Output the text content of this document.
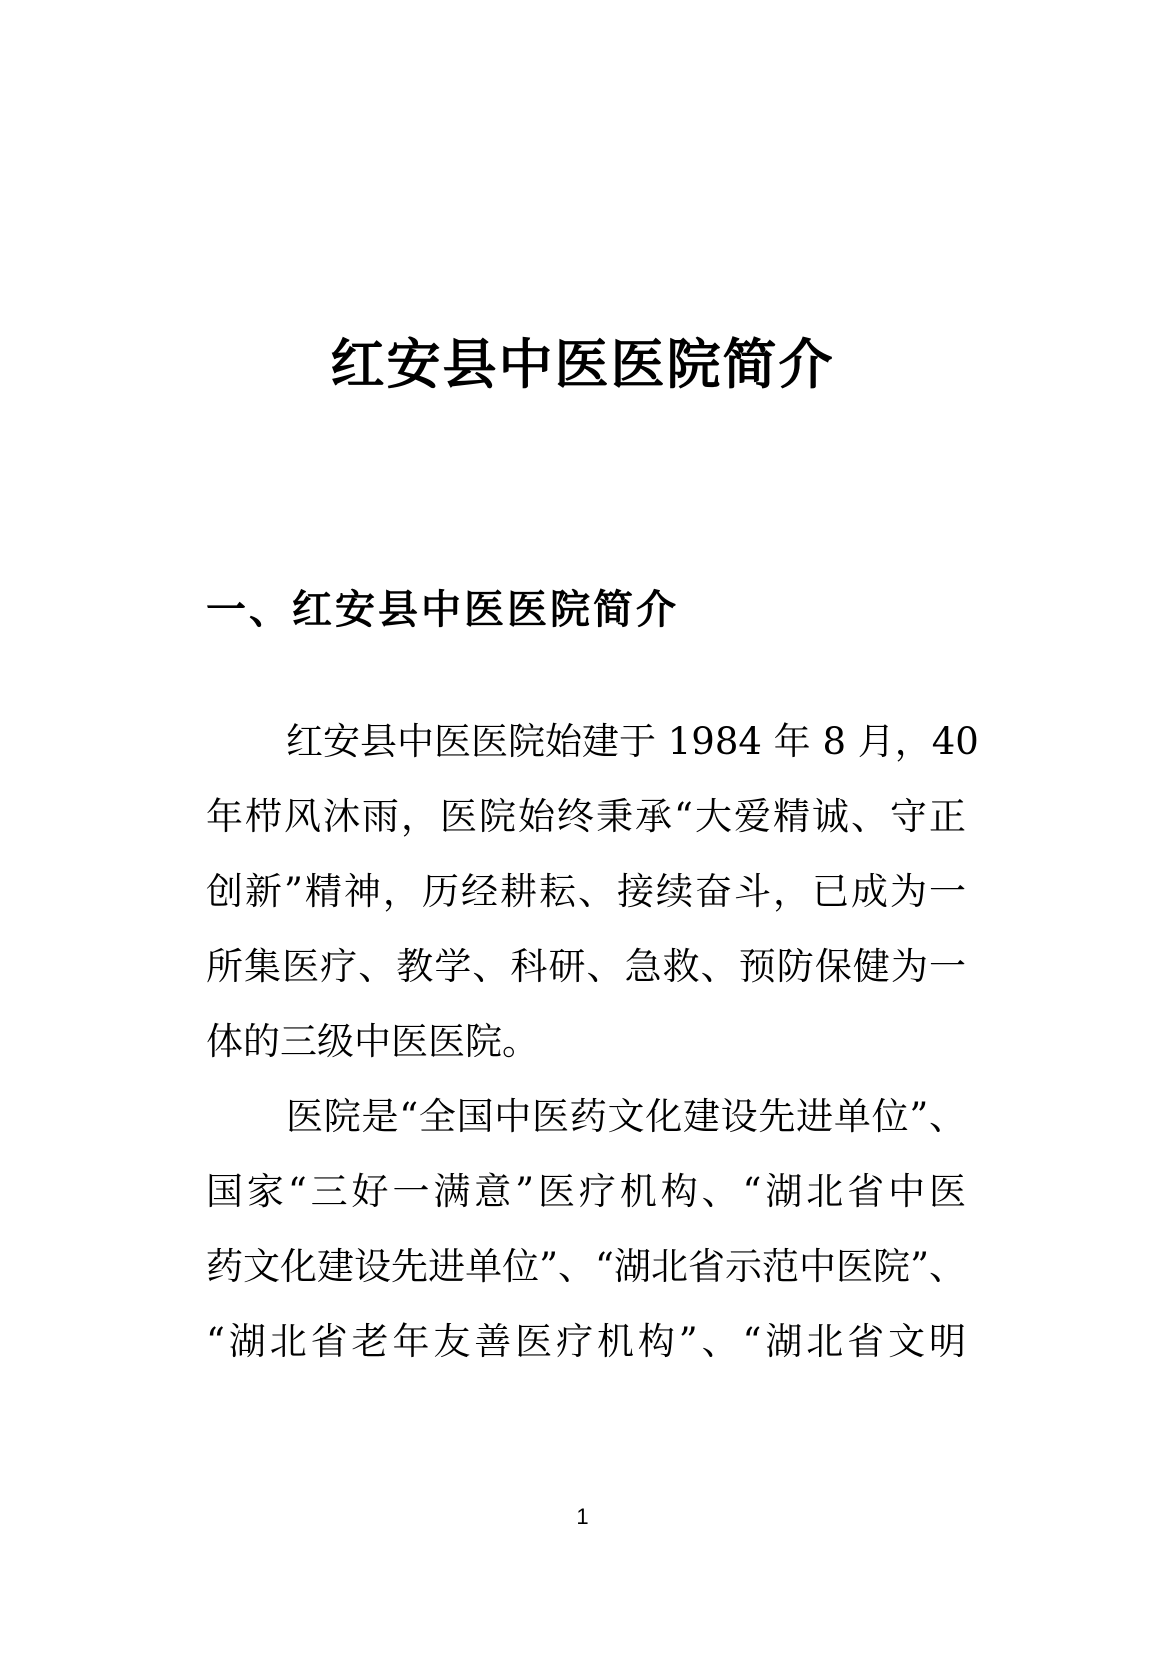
红安县中医医院简介
一、红安县中医医院简介

红安县中医医院始建于 1984 年 8 月，40

年栉风沐雨，医院始终秉承“大爱精诚、守正

创新”精神，历经耕耘、接续奋斗，已成为一

所集医疗、教学、科研、急救、预防保健为一

体的三级中医医院。

医院是“全国中医药文化建设先进单位”、

国家“三好一满意”医疗机构、“湖北省中医

药文化建设先进单位”、“湖北省示范中医院”、

“湖北省老年友善医疗机构”、“湖北省文明

1
